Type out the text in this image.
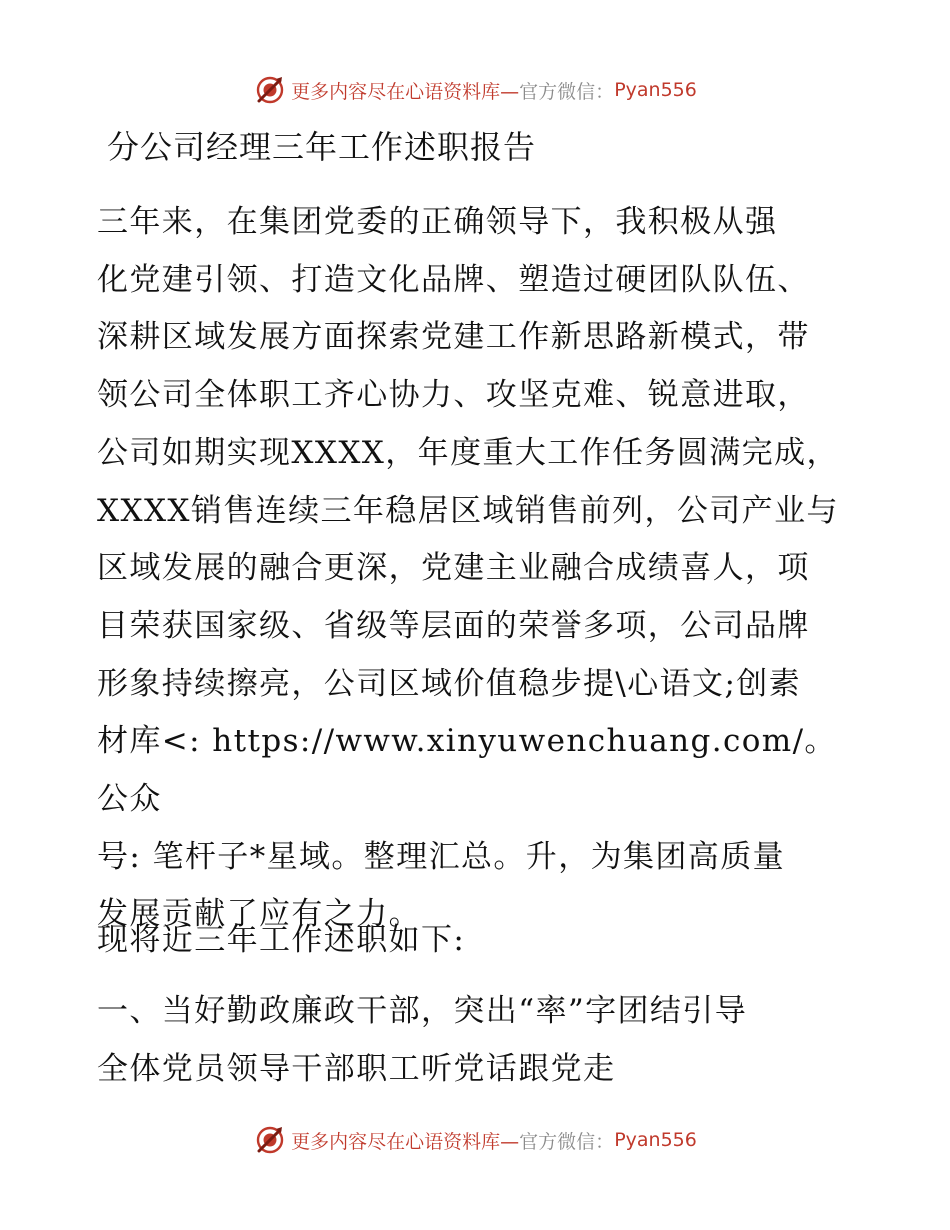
更多内容尽在心语资料库— 官方微信： Pyan556
分公司经理三年工作述职报告
三年来，在集团党委的正确领导下，我积极从强
化党建引领、打造文化品牌、塑造过硬团队队伍、
深耕区域发展方面探索党建工作新思路新模式，带
领公司全体职工齐心协力、攻坚克难、锐意进取，
公司如期实现XXXX，年度重大工作任务圆满完成，
XXXX销售连续三年稳居区域销售前列，公司产业与
区域发展的融合更深，党建主业融合成绩喜人，项
目荣获国家级、省级等层面的荣誉多项，公司品牌
形象持续擦亮，公司区域价值稳步提\心语文;创素
材库<: https://www.xinyuwenchuang.com/。公众
号: 笔杆子*星域。整理汇总。升，为集团高质量
发展贡献了应有之力。
现将近三年工作述职如下:
一、当好勤政廉政干部，突出“率”字团结引导
全体党员领导干部职工听党话跟党走
更多内容尽在心语资料库— 官方微信： Pyan556
